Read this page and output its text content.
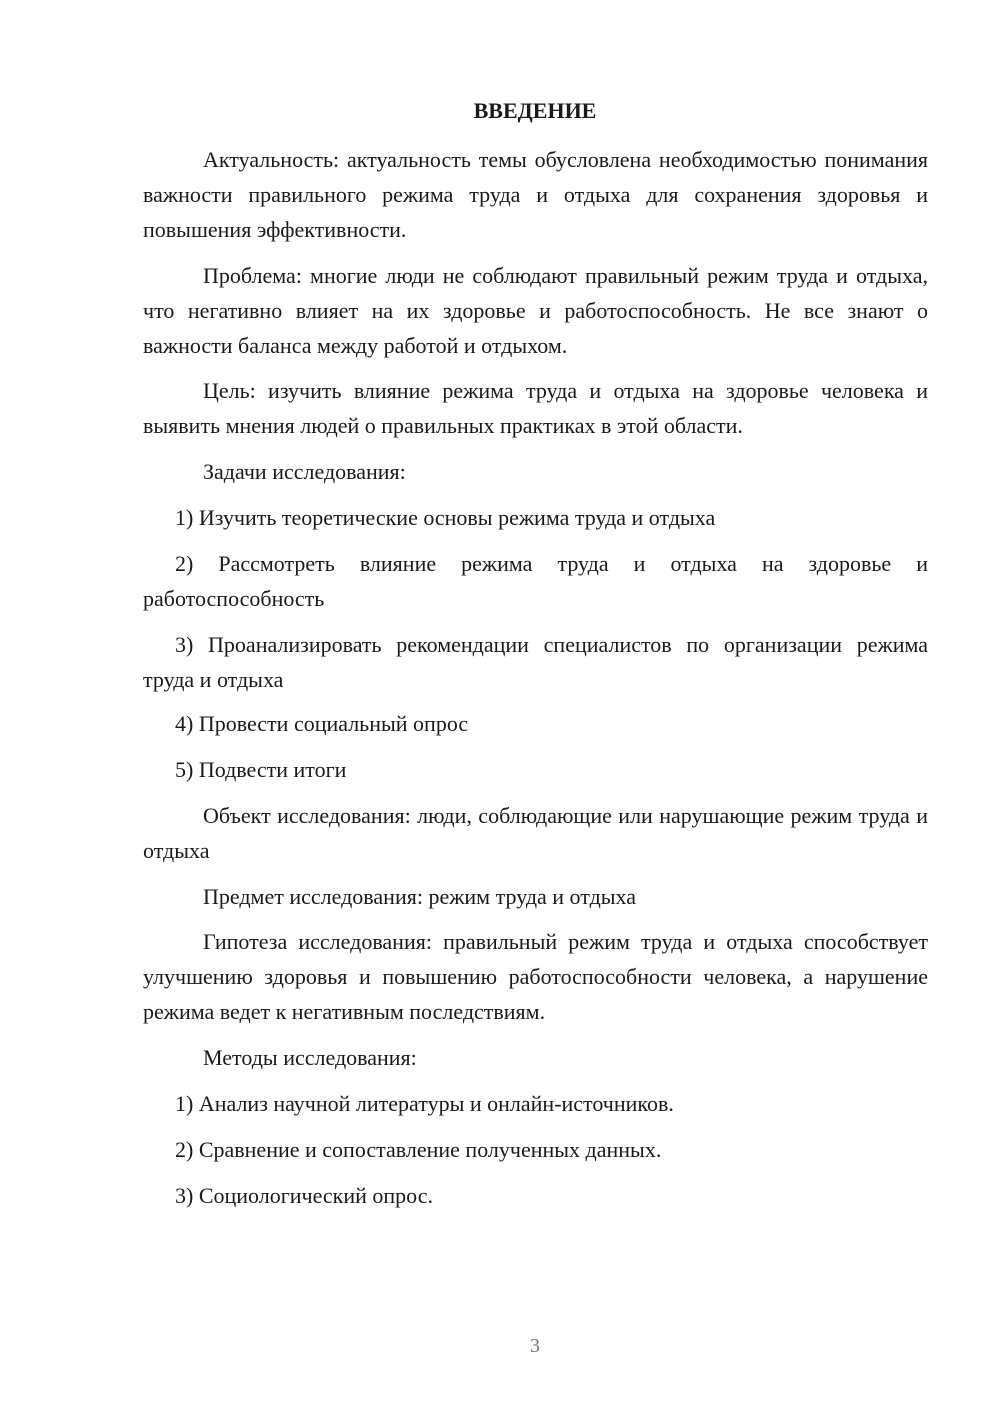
ВВЕДЕНИЕ
Актуальность: актуальность темы обусловлена необходимостью понимания важности правильного режима труда и отдыха для сохранения здоровья и повышения эффективности.
Проблема: многие люди не соблюдают правильный режим труда и отдыха, что негативно влияет на их здоровье и работоспособность. Не все знают о важности баланса между работой и отдыхом.
Цель: изучить влияние режима труда и отдыха на здоровье человека и выявить мнения людей о правильных практиках в этой области.
Задачи исследования:
1) Изучить теоретические основы режима труда и отдыха
2) Рассмотреть влияние режима труда и отдыха на здоровье и работоспособность
3) Проанализировать рекомендации специалистов по организации режима труда и отдыха
4) Провести социальный опрос
5) Подвести итоги
Объект исследования: люди, соблюдающие или нарушающие режим труда и отдыха
Предмет исследования: режим труда и отдыха
Гипотеза исследования: правильный режим труда и отдыха способствует улучшению здоровья и повышению работоспособности человека, а нарушение режима ведет к негативным последствиям.
Методы исследования:
1) Анализ научной литературы и онлайн-источников.
2) Сравнение и сопоставление полученных данных.
3) Социологический опрос.
3
